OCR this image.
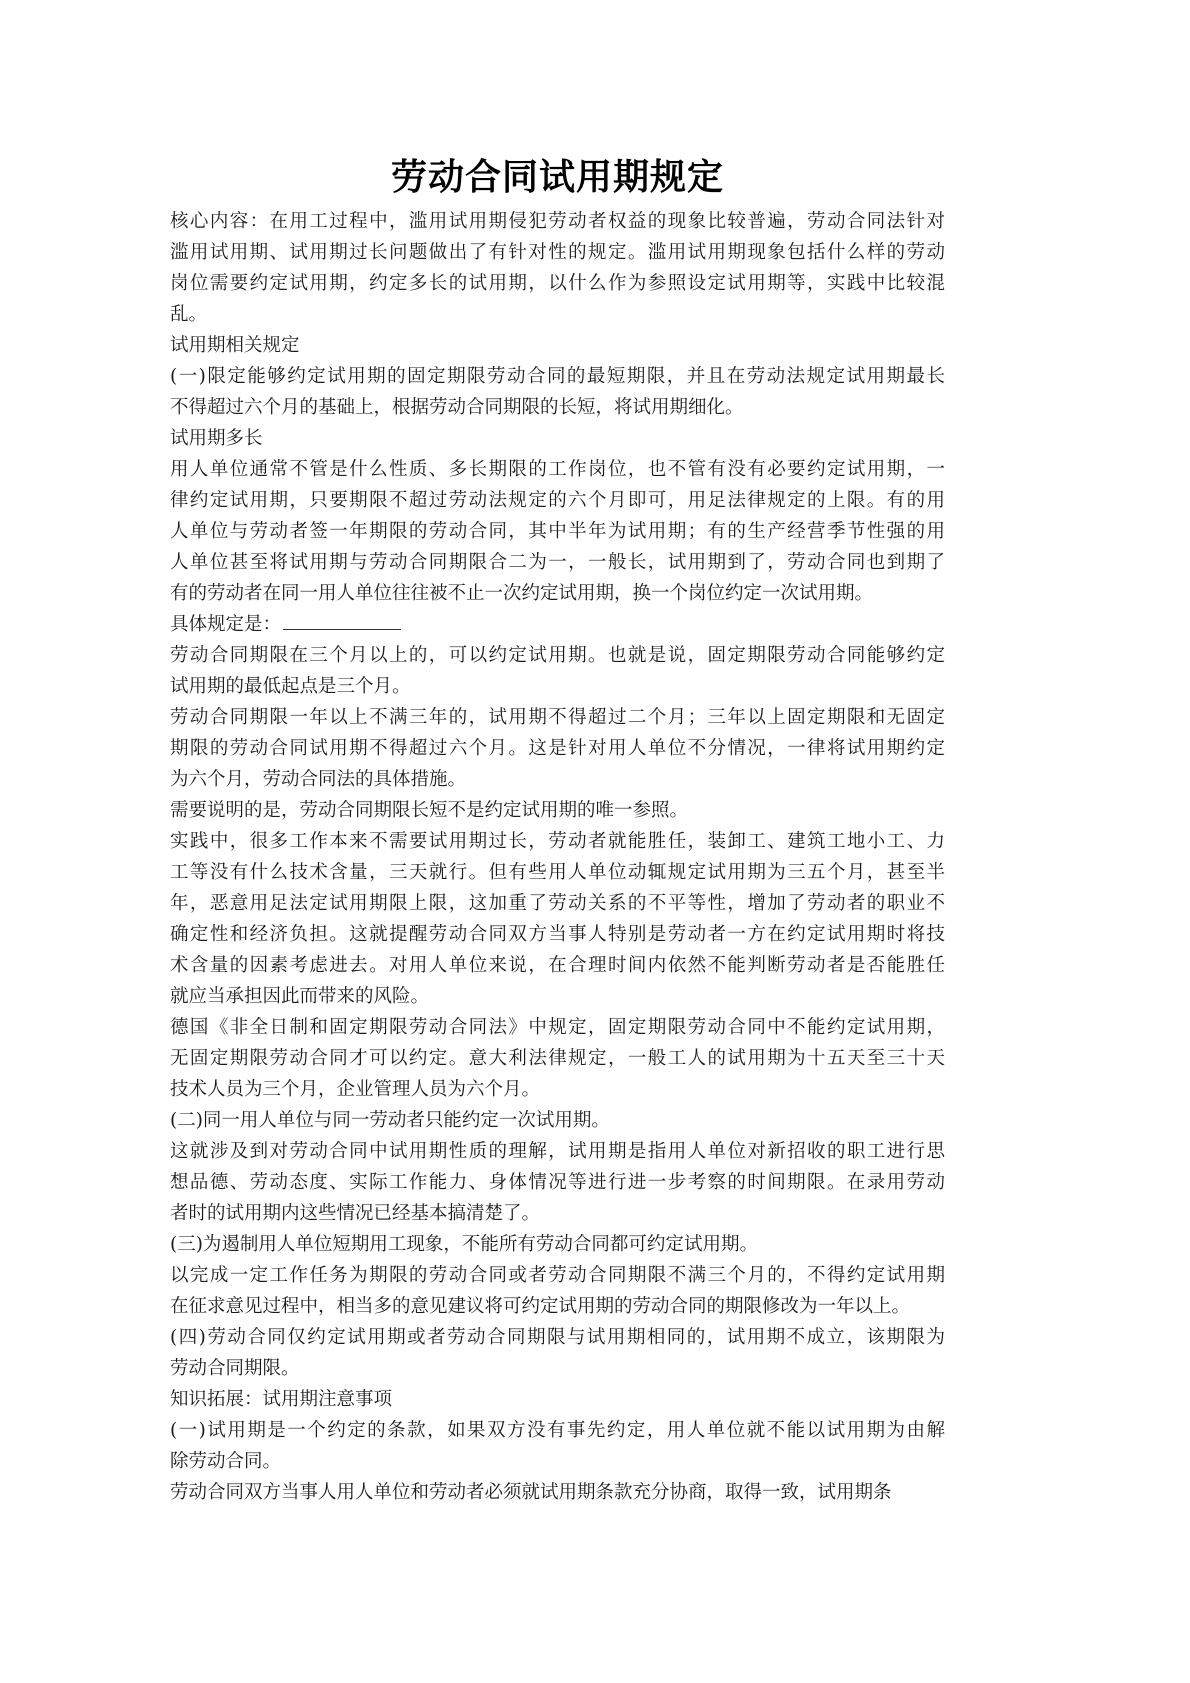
劳动合同试用期规定
核心内容：在用工过程中，滥用试用期侵犯劳动者权益的现象比较普遍，劳动合同法针对
滥用试用期、试用期过长问题做出了有针对性的规定。滥用试用期现象包括什么样的劳动
岗位需要约定试用期，约定多长的试用期，以什么作为参照设定试用期等，实践中比较混
乱。
试用期相关规定
(一)限定能够约定试用期的固定期限劳动合同的最短期限，并且在劳动法规定试用期最长
不得超过六个月的基础上，根据劳动合同期限的长短，将试用期细化。
试用期多长
用人单位通常不管是什么性质、多长期限的工作岗位，也不管有没有必要约定试用期，一
律约定试用期，只要期限不超过劳动法规定的六个月即可，用足法律规定的上限。有的用
人单位与劳动者签一年期限的劳动合同，其中半年为试用期；有的生产经营季节性强的用
人单位甚至将试用期与劳动合同期限合二为一，一般长，试用期到了，劳动合同也到期了
有的劳动者在同一用人单位往往被不止一次约定试用期，换一个岗位约定一次试用期。
具体规定是：
劳动合同期限在三个月以上的，可以约定试用期。也就是说，固定期限劳动合同能够约定
试用期的最低起点是三个月。
劳动合同期限一年以上不满三年的，试用期不得超过二个月；三年以上固定期限和无固定
期限的劳动合同试用期不得超过六个月。这是针对用人单位不分情况，一律将试用期约定
为六个月，劳动合同法的具体措施。
需要说明的是，劳动合同期限长短不是约定试用期的唯一参照。
实践中，很多工作本来不需要试用期过长，劳动者就能胜任，装卸工、建筑工地小工、力
工等没有什么技术含量，三天就行。但有些用人单位动辄规定试用期为三五个月，甚至半
年，恶意用足法定试用期限上限，这加重了劳动关系的不平等性，增加了劳动者的职业不
确定性和经济负担。这就提醒劳动合同双方当事人特别是劳动者一方在约定试用期时将技
术含量的因素考虑进去。对用人单位来说，在合理时间内依然不能判断劳动者是否能胜任
就应当承担因此而带来的风险。
德国《非全日制和固定期限劳动合同法》中规定，固定期限劳动合同中不能约定试用期，
无固定期限劳动合同才可以约定。意大利法律规定，一般工人的试用期为十五天至三十天
技术人员为三个月，企业管理人员为六个月。
(二)同一用人单位与同一劳动者只能约定一次试用期。
这就涉及到对劳动合同中试用期性质的理解，试用期是指用人单位对新招收的职工进行思
想品德、劳动态度、实际工作能力、身体情况等进行进一步考察的时间期限。在录用劳动
者时的试用期内这些情况已经基本搞清楚了。
(三)为遏制用人单位短期用工现象，不能所有劳动合同都可约定试用期。
以完成一定工作任务为期限的劳动合同或者劳动合同期限不满三个月的，不得约定试用期
在征求意见过程中，相当多的意见建议将可约定试用期的劳动合同的期限修改为一年以上。
(四)劳动合同仅约定试用期或者劳动合同期限与试用期相同的，试用期不成立，该期限为
劳动合同期限。
知识拓展：试用期注意事项
(一)试用期是一个约定的条款，如果双方没有事先约定，用人单位就不能以试用期为由解
除劳动合同。
劳动合同双方当事人用人单位和劳动者必须就试用期条款充分协商，取得一致，试用期条
